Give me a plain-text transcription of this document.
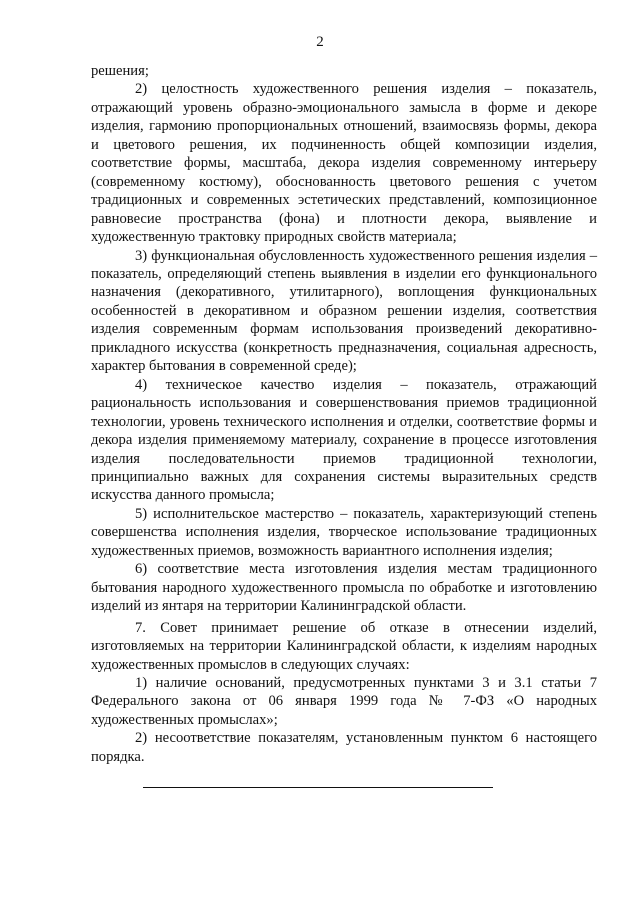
2

решения;

2) целостность художественного решения изделия – показатель, отражающий уровень образно-эмоционального замысла в форме и декоре изделия, гармонию пропорциональных отношений, взаимосвязь формы, декора и цветового решения, их подчиненность общей композиции изделия, соответствие формы, масштаба, декора изделия современному интерьеру (современному костюму), обоснованность цветового решения с учетом традиционных и современных эстетических представлений, композиционное равновесие пространства (фона) и плотности декора, выявление и художественную трактовку природных свойств материала;

3) функциональная обусловленность художественного решения изделия – показатель, определяющий степень выявления в изделии его функционального назначения (декоративного, утилитарного), воплощения функциональных особенностей в декоративном и образном решении изделия, соответствия изделия современным формам использования произведений декоративно-прикладного искусства (конкретность предназначения, социальная адресность, характер бытования в современной среде);

4) техническое качество изделия – показатель, отражающий рациональность использования и совершенствования приемов традиционной технологии, уровень технического исполнения и отделки, соответствие формы и декора изделия применяемому материалу, сохранение в процессе изготовления изделия последовательности приемов традиционной технологии, принципиально важных для сохранения системы выразительных средств искусства данного промысла;

5) исполнительское мастерство – показатель, характеризующий степень совершенства исполнения изделия, творческое использование традиционных художественных приемов, возможность вариантного исполнения изделия;

6) соответствие места изготовления изделия местам традиционного бытования народного художественного промысла по обработке и изготовлению изделий из янтаря на территории Калининградской области.

7. Совет принимает решение об отказе в отнесении изделий, изготовляемых на территории Калининградской области, к изделиям народных художественных промыслов в следующих случаях:

1) наличие оснований, предусмотренных пунктами 3 и 3.1 статьи 7 Федерального закона от 06 января 1999 года № 7-ФЗ «О народных художественных промыслах»;

2) несоответствие показателям, установленным пунктом 6 настоящего порядка.
